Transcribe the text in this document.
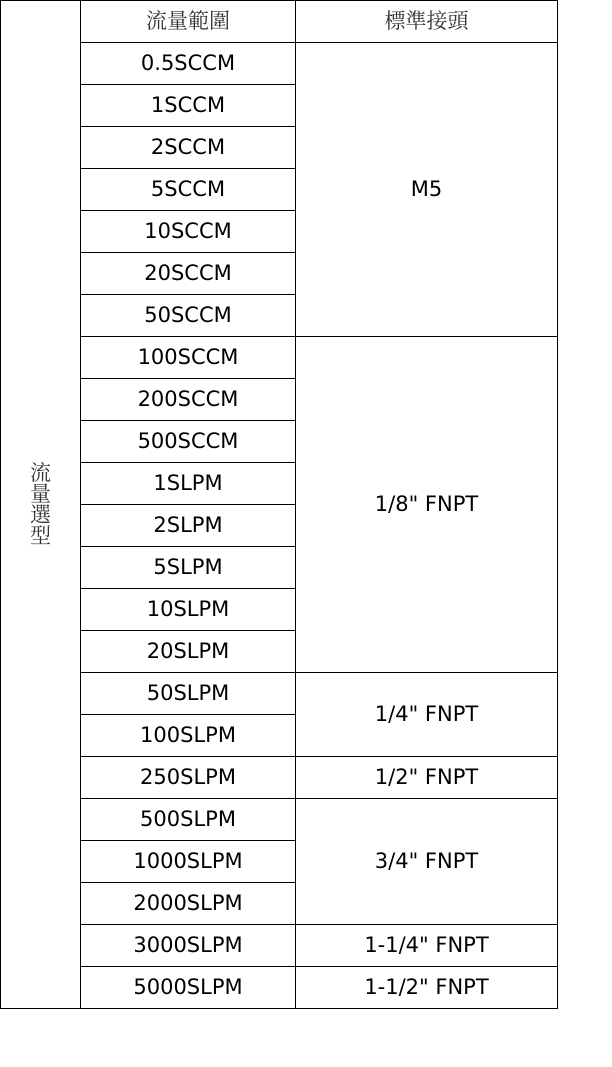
流
量
選
型	流量範圍	標準接頭
	0.5SCCM	M5
	1SCCM	
	2SCCM	
	5SCCM	
	10SCCM	
	20SCCM	
	50SCCM	
	100SCCM	1/8" FNPT
	200SCCM	
	500SCCM	
	1SLPM	
	2SLPM	
	5SLPM	
	10SLPM	
	20SLPM	
	50SLPM	1/4" FNPT
	100SLPM	
	250SLPM	1/2" FNPT
	500SLPM	3/4" FNPT
	1000SLPM	
	2000SLPM	
	3000SLPM	1-1/4" FNPT
	5000SLPM	1-1/2" FNPT
